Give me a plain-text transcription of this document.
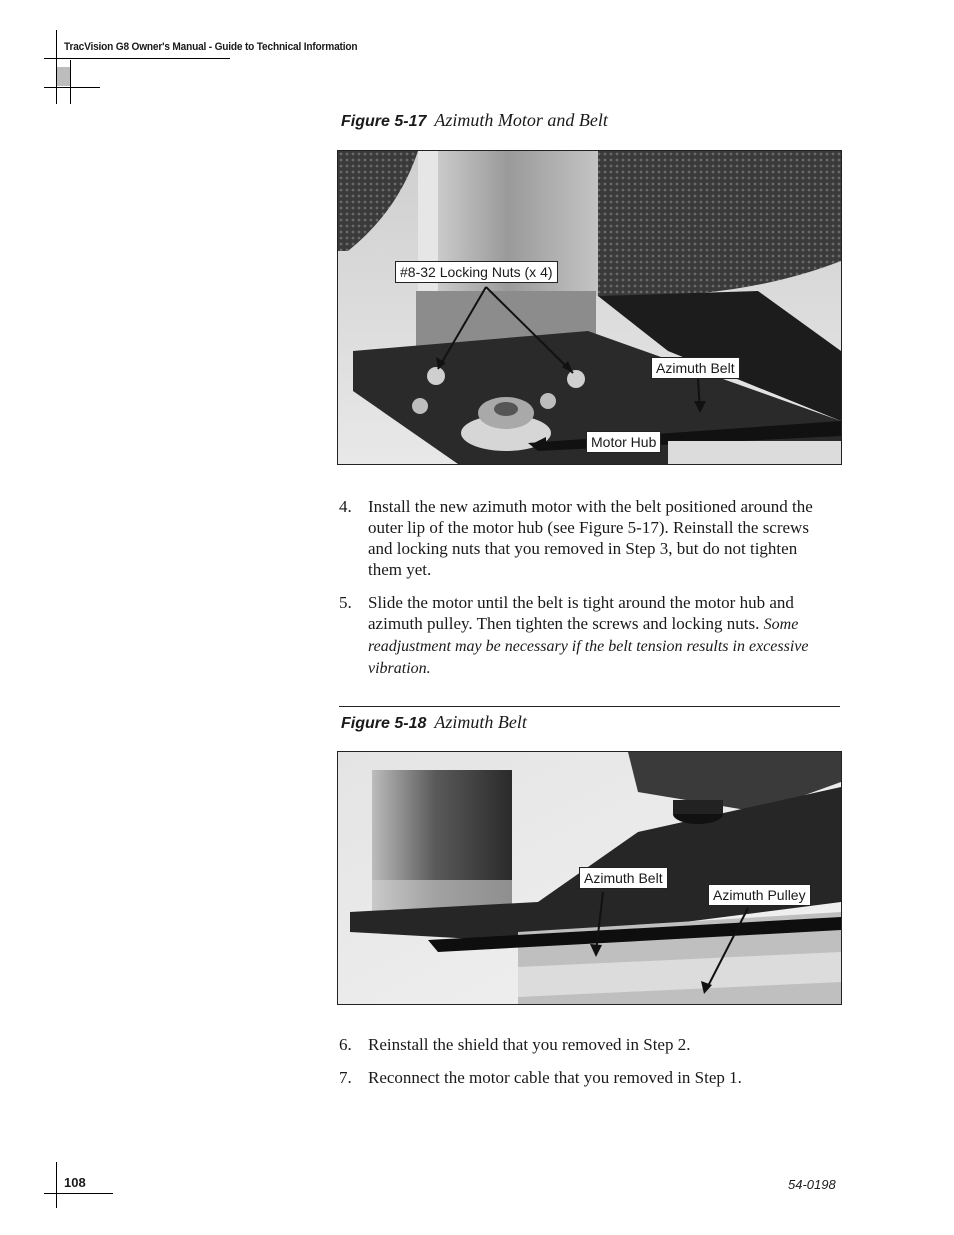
TracVision G8 Owner's Manual - Guide to Technical Information
Figure 5-17 Azimuth Motor and Belt
#8-32 Locking Nuts (x 4)
Azimuth Belt
Motor Hub
4. Install the new azimuth motor with the belt positioned around the outer lip of the motor hub (see Figure 5-17). Reinstall the screws and locking nuts that you removed in Step 3, but do not tighten them yet.
5. Slide the motor until the belt is tight around the motor hub and azimuth pulley. Then tighten the screws and locking nuts. Some readjustment may be necessary if the belt tension results in excessive vibration.
Figure 5-18 Azimuth Belt
Azimuth Belt
Azimuth Pulley
6. Reinstall the shield that you removed in Step 2.
7. Reconnect the motor cable that you removed in Step 1.
108	54-0198
